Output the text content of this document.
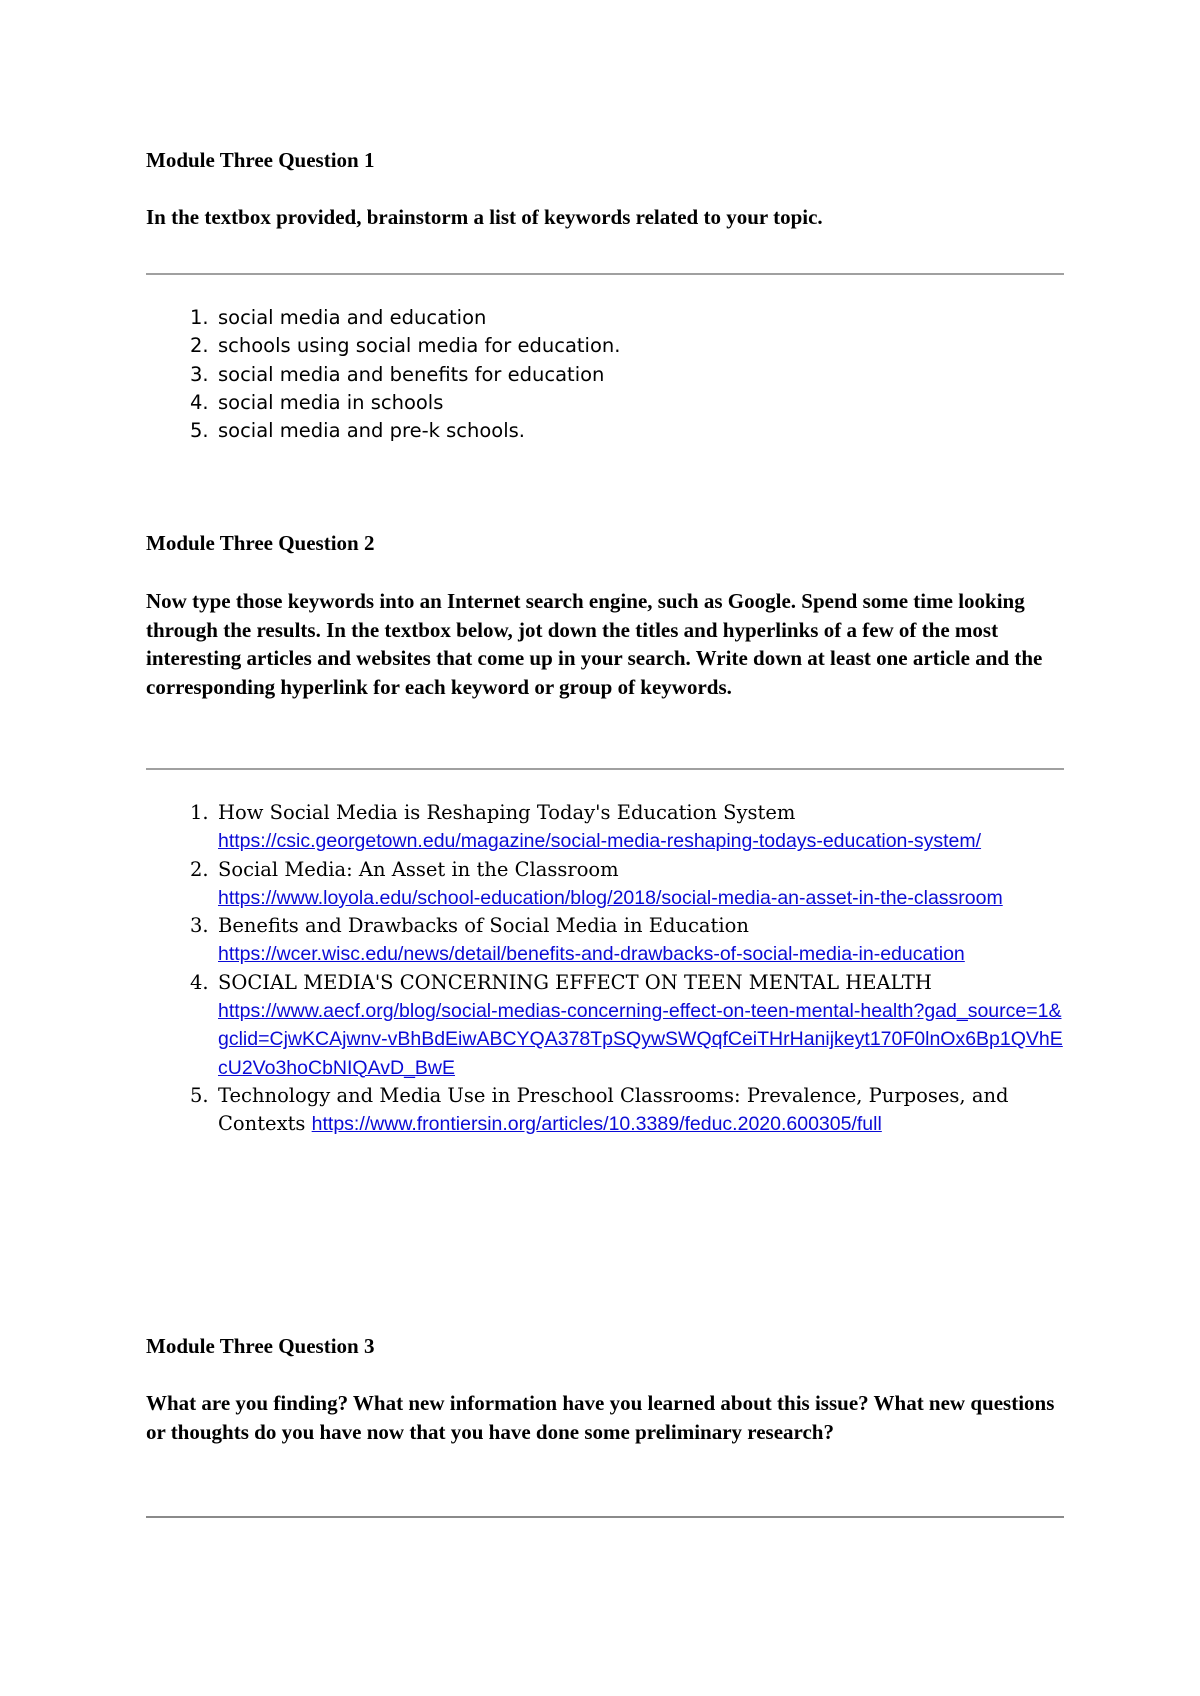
Module Three Question 1

In the textbox provided, brainstorm a list of keywords related to your topic.

1. social media and education
2. schools using social media for education.
3. social media and benefits for education
4. social media in schools
5. social media and pre-k schools.
Module Three Question 2

Now type those keywords into an Internet search engine, such as Google. Spend some time looking through the results. In the textbox below, jot down the titles and hyperlinks of a few of the most interesting articles and websites that come up in your search. Write down at least one article and the corresponding hyperlink for each keyword or group of keywords.

1. How Social Media is Reshaping Today's Education System
https://csic.georgetown.edu/magazine/social-media-reshaping-todays-education-system/
2. Social Media: An Asset in the Classroom
https://www.loyola.edu/school-education/blog/2018/social-media-an-asset-in-the-classroom
3. Benefits and Drawbacks of Social Media in Education
https://wcer.wisc.edu/news/detail/benefits-and-drawbacks-of-social-media-in-education
4. SOCIAL MEDIA'S CONCERNING EFFECT ON TEEN MENTAL HEALTH
https://www.aecf.org/blog/social-medias-concerning-effect-on-teen-mental-health?gad_source=1&gclid=CjwKCAjwnv-vBhBdEiwABCYQA378TpSQywSWQqfCeiTHrHanijkeyt170F0lnOx6Bp1QVhEcU2Vo3hoCbNIQAvD_BwE
5. Technology and Media Use in Preschool Classrooms: Prevalence, Purposes, and Contexts https://www.frontiersin.org/articles/10.3389/feduc.2020.600305/full
Module Three Question 3

What are you finding? What new information have you learned about this issue? What new questions or thoughts do you have now that you have done some preliminary research?
